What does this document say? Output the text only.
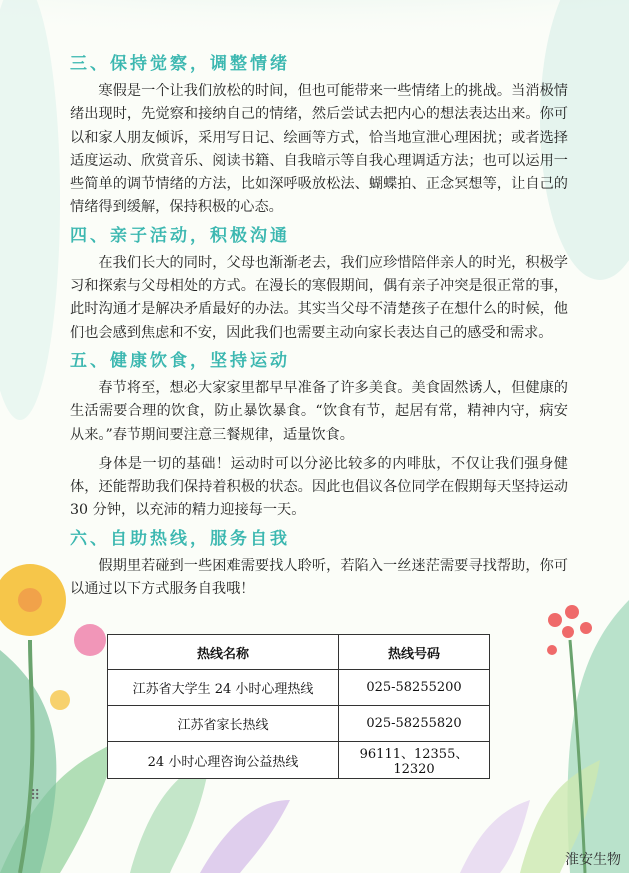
三、保持觉察，调整情绪

寒假是一个让我们放松的时间，但也可能带来一些情绪上的挑战。当消极情绪出现时，先觉察和接纳自己的情绪，然后尝试去把内心的想法表达出来。你可以和家人朋友倾诉，采用写日记、绘画等方式，恰当地宣泄心理困扰；或者选择适度运动、欣赏音乐、阅读书籍、自我暗示等自我心理调适方法；也可以运用一些简单的调节情绪的方法，比如深呼吸放松法、蝴蝶拍、正念冥想等，让自己的情绪得到缓解，保持积极的心态。

四、亲子活动，积极沟通

在我们长大的同时，父母也渐渐老去，我们应珍惜陪伴亲人的时光，积极学习和探索与父母相处的方式。在漫长的寒假期间，偶有亲子冲突是很正常的事，此时沟通才是解决矛盾最好的办法。其实当父母不清楚孩子在想什么的时候，他们也会感到焦虑和不安，因此我们也需要主动向家长表达自己的感受和需求。

五、健康饮食，坚持运动

春节将至，想必大家家里都早早准备了许多美食。美食固然诱人，但健康的生活需要合理的饮食，防止暴饮暴食。“饮食有节，起居有常，精神内守，病安从来。”春节期间要注意三餐规律，适量饮食。

身体是一切的基础！运动时可以分泌比较多的内啡肽，不仅让我们强身健体，还能帮助我们保持着积极的状态。因此也倡议各位同学在假期每天坚持运动 30 分钟，以充沛的精力迎接每一天。

六、自助热线，服务自我

假期里若碰到一些困难需要找人聆听，若陷入一丝迷茫需要寻找帮助，你可以通过以下方式服务自我哦！

热线名称	热线号码
江苏省大学生 24 小时心理热线	025-58255200
江苏省家长热线	025-58255820
24 小时心理咨询公益热线	96111、12355、12320
⠿
淮安生物
